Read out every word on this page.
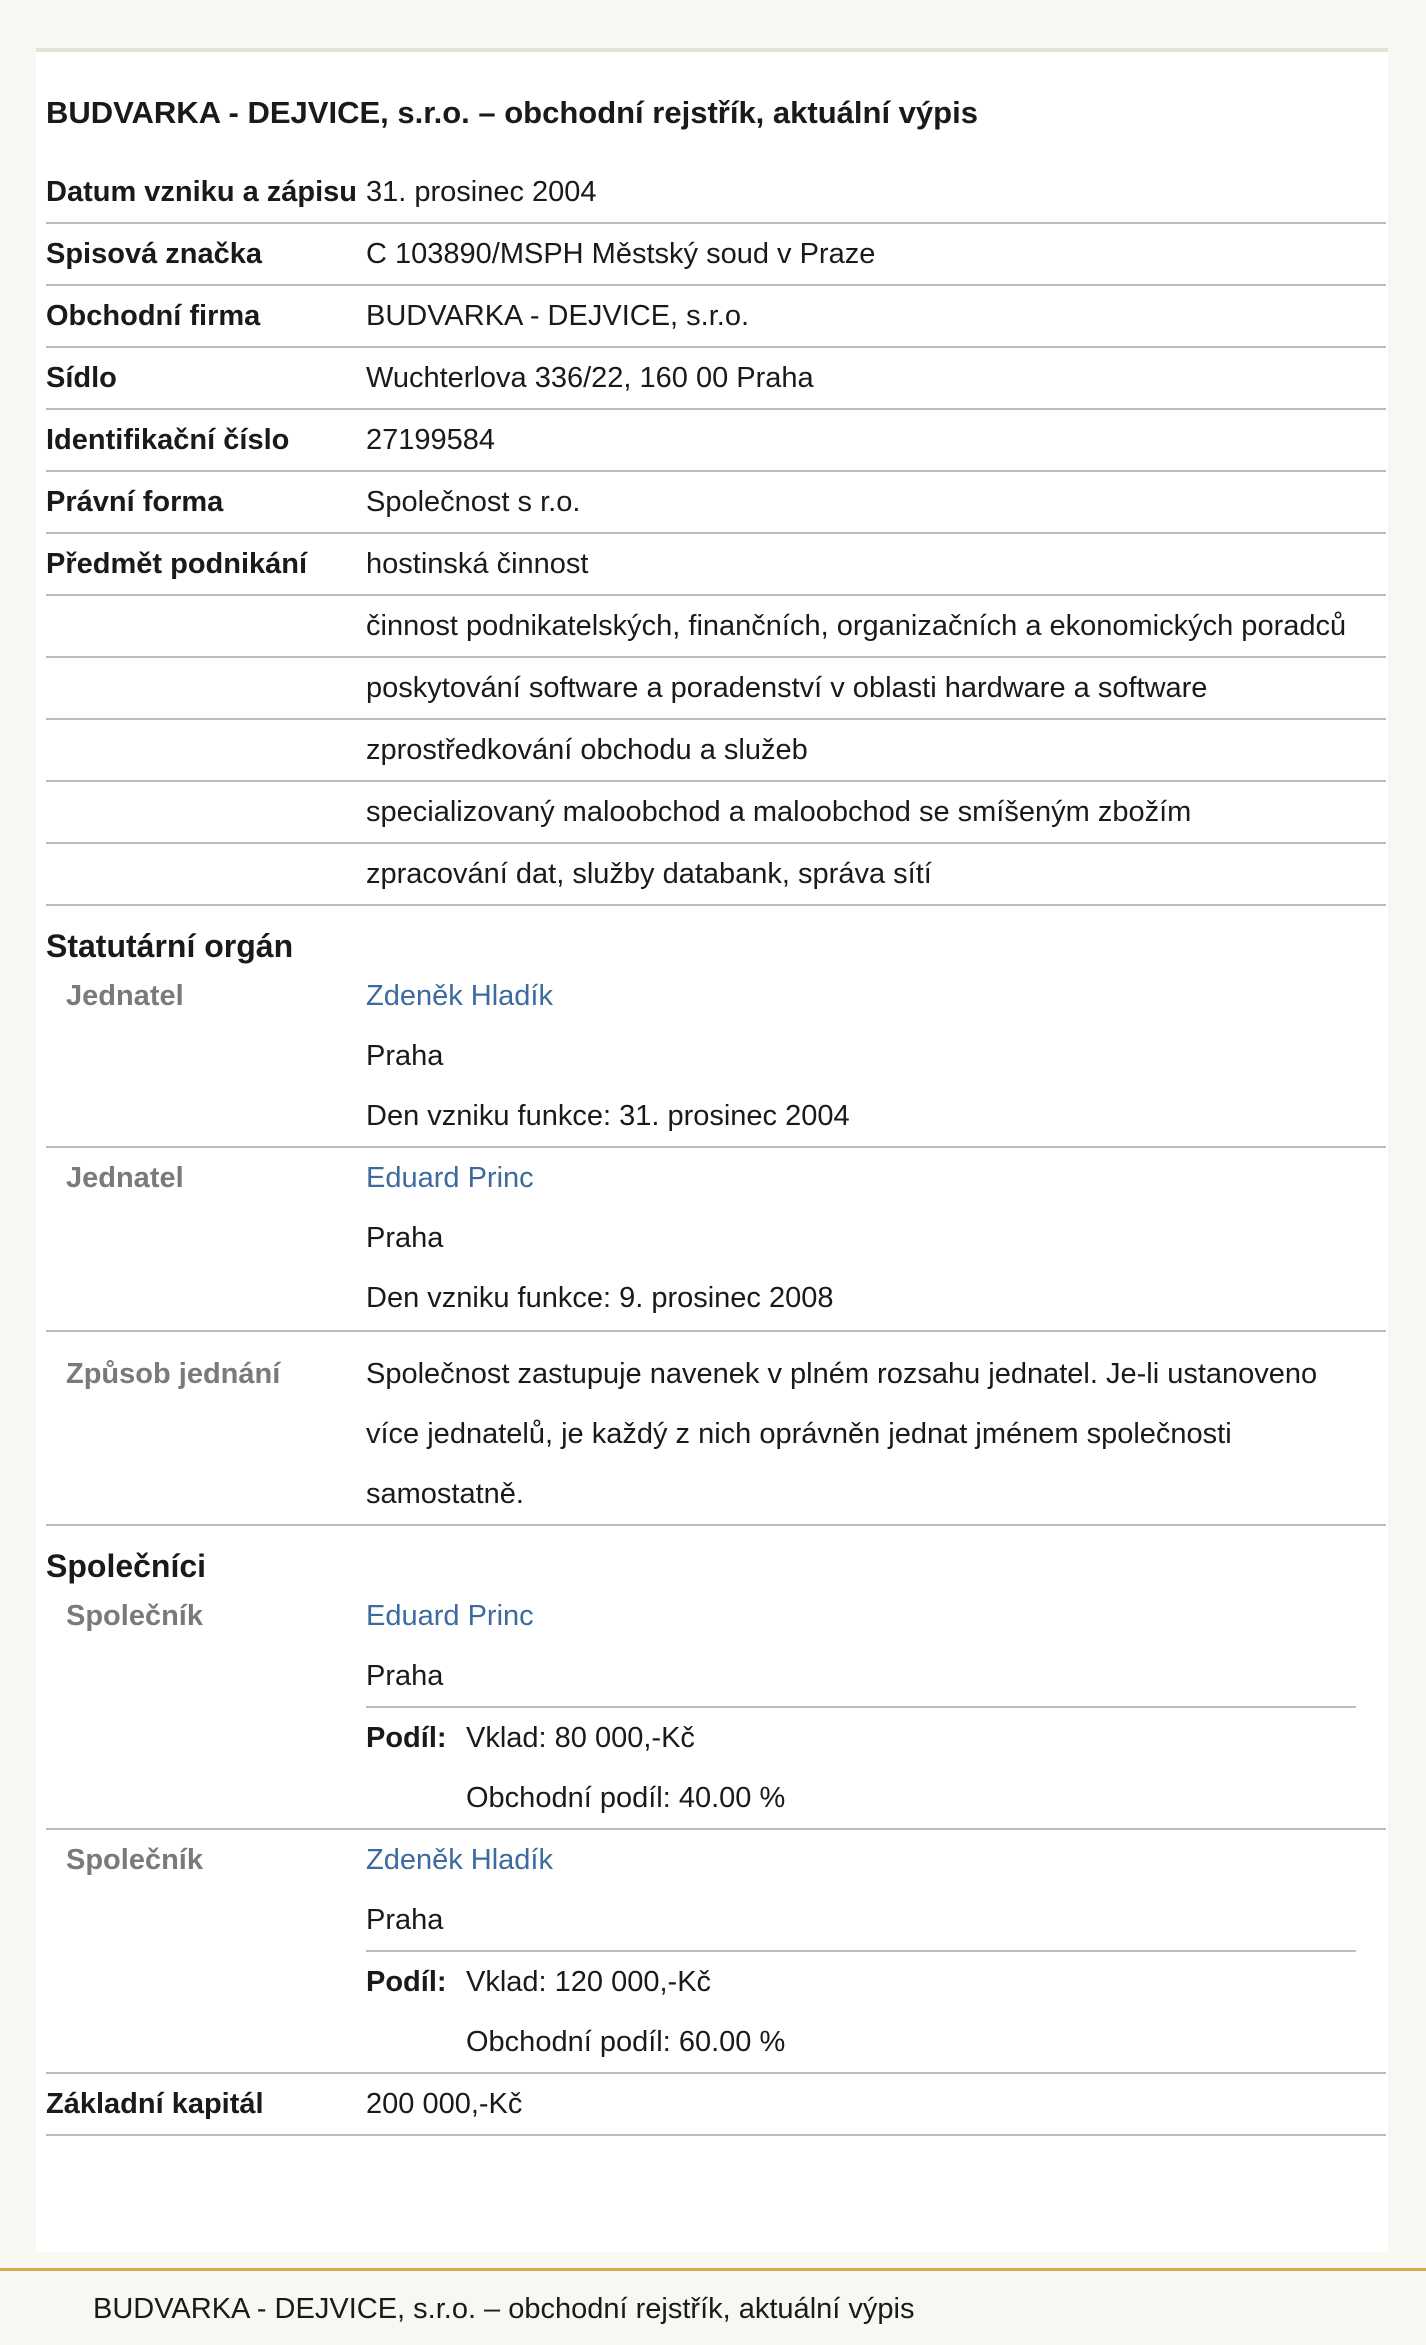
BUDVARKA - DEJVICE, s.r.o. – obchodní rejstřík, aktuální výpis
Datum vzniku a zápisu 31. prosinec 2004
Spisová značka	C 103890/MSPH Městský soud v Praze
Obchodní firma	BUDVARKA - DEJVICE, s.r.o.
Sídlo	Wuchterlova 336/22, 160 00 Praha
Identifikační číslo	27199584
Právní forma	Společnost s r.o.
Předmět podnikání	hostinská činnost
činnost podnikatelských, finančních, organizačních a ekonomických poradců
poskytování software a poradenství v oblasti hardware a software
zprostředkování obchodu a služeb
specializovaný maloobchod a maloobchod se smíšeným zbožím
zpracování dat, služby databank, správa sítí
Statutární orgán
Jednatel	Zdeněk Hladík
Praha
Den vzniku funkce: 31. prosinec 2004
Jednatel	Eduard Princ
Praha
Den vzniku funkce: 9. prosinec 2008
Způsob jednání	Společnost zastupuje navenek v plném rozsahu jednatel. Je-li ustanoveno
více jednatelů, je každý z nich oprávněn jednat jménem společnosti
samostatně.
Společníci
Společník	Eduard Princ
Praha
Podíl: Vklad: 80 000,-Kč
Obchodní podíl: 40.00 %
Společník	Zdeněk Hladík
Praha
Podíl: Vklad: 120 000,-Kč
Obchodní podíl: 60.00 %
Základní kapitál	200 000,-Kč
BUDVARKA - DEJVICE, s.r.o. – obchodní rejstřík, aktuální výpis
